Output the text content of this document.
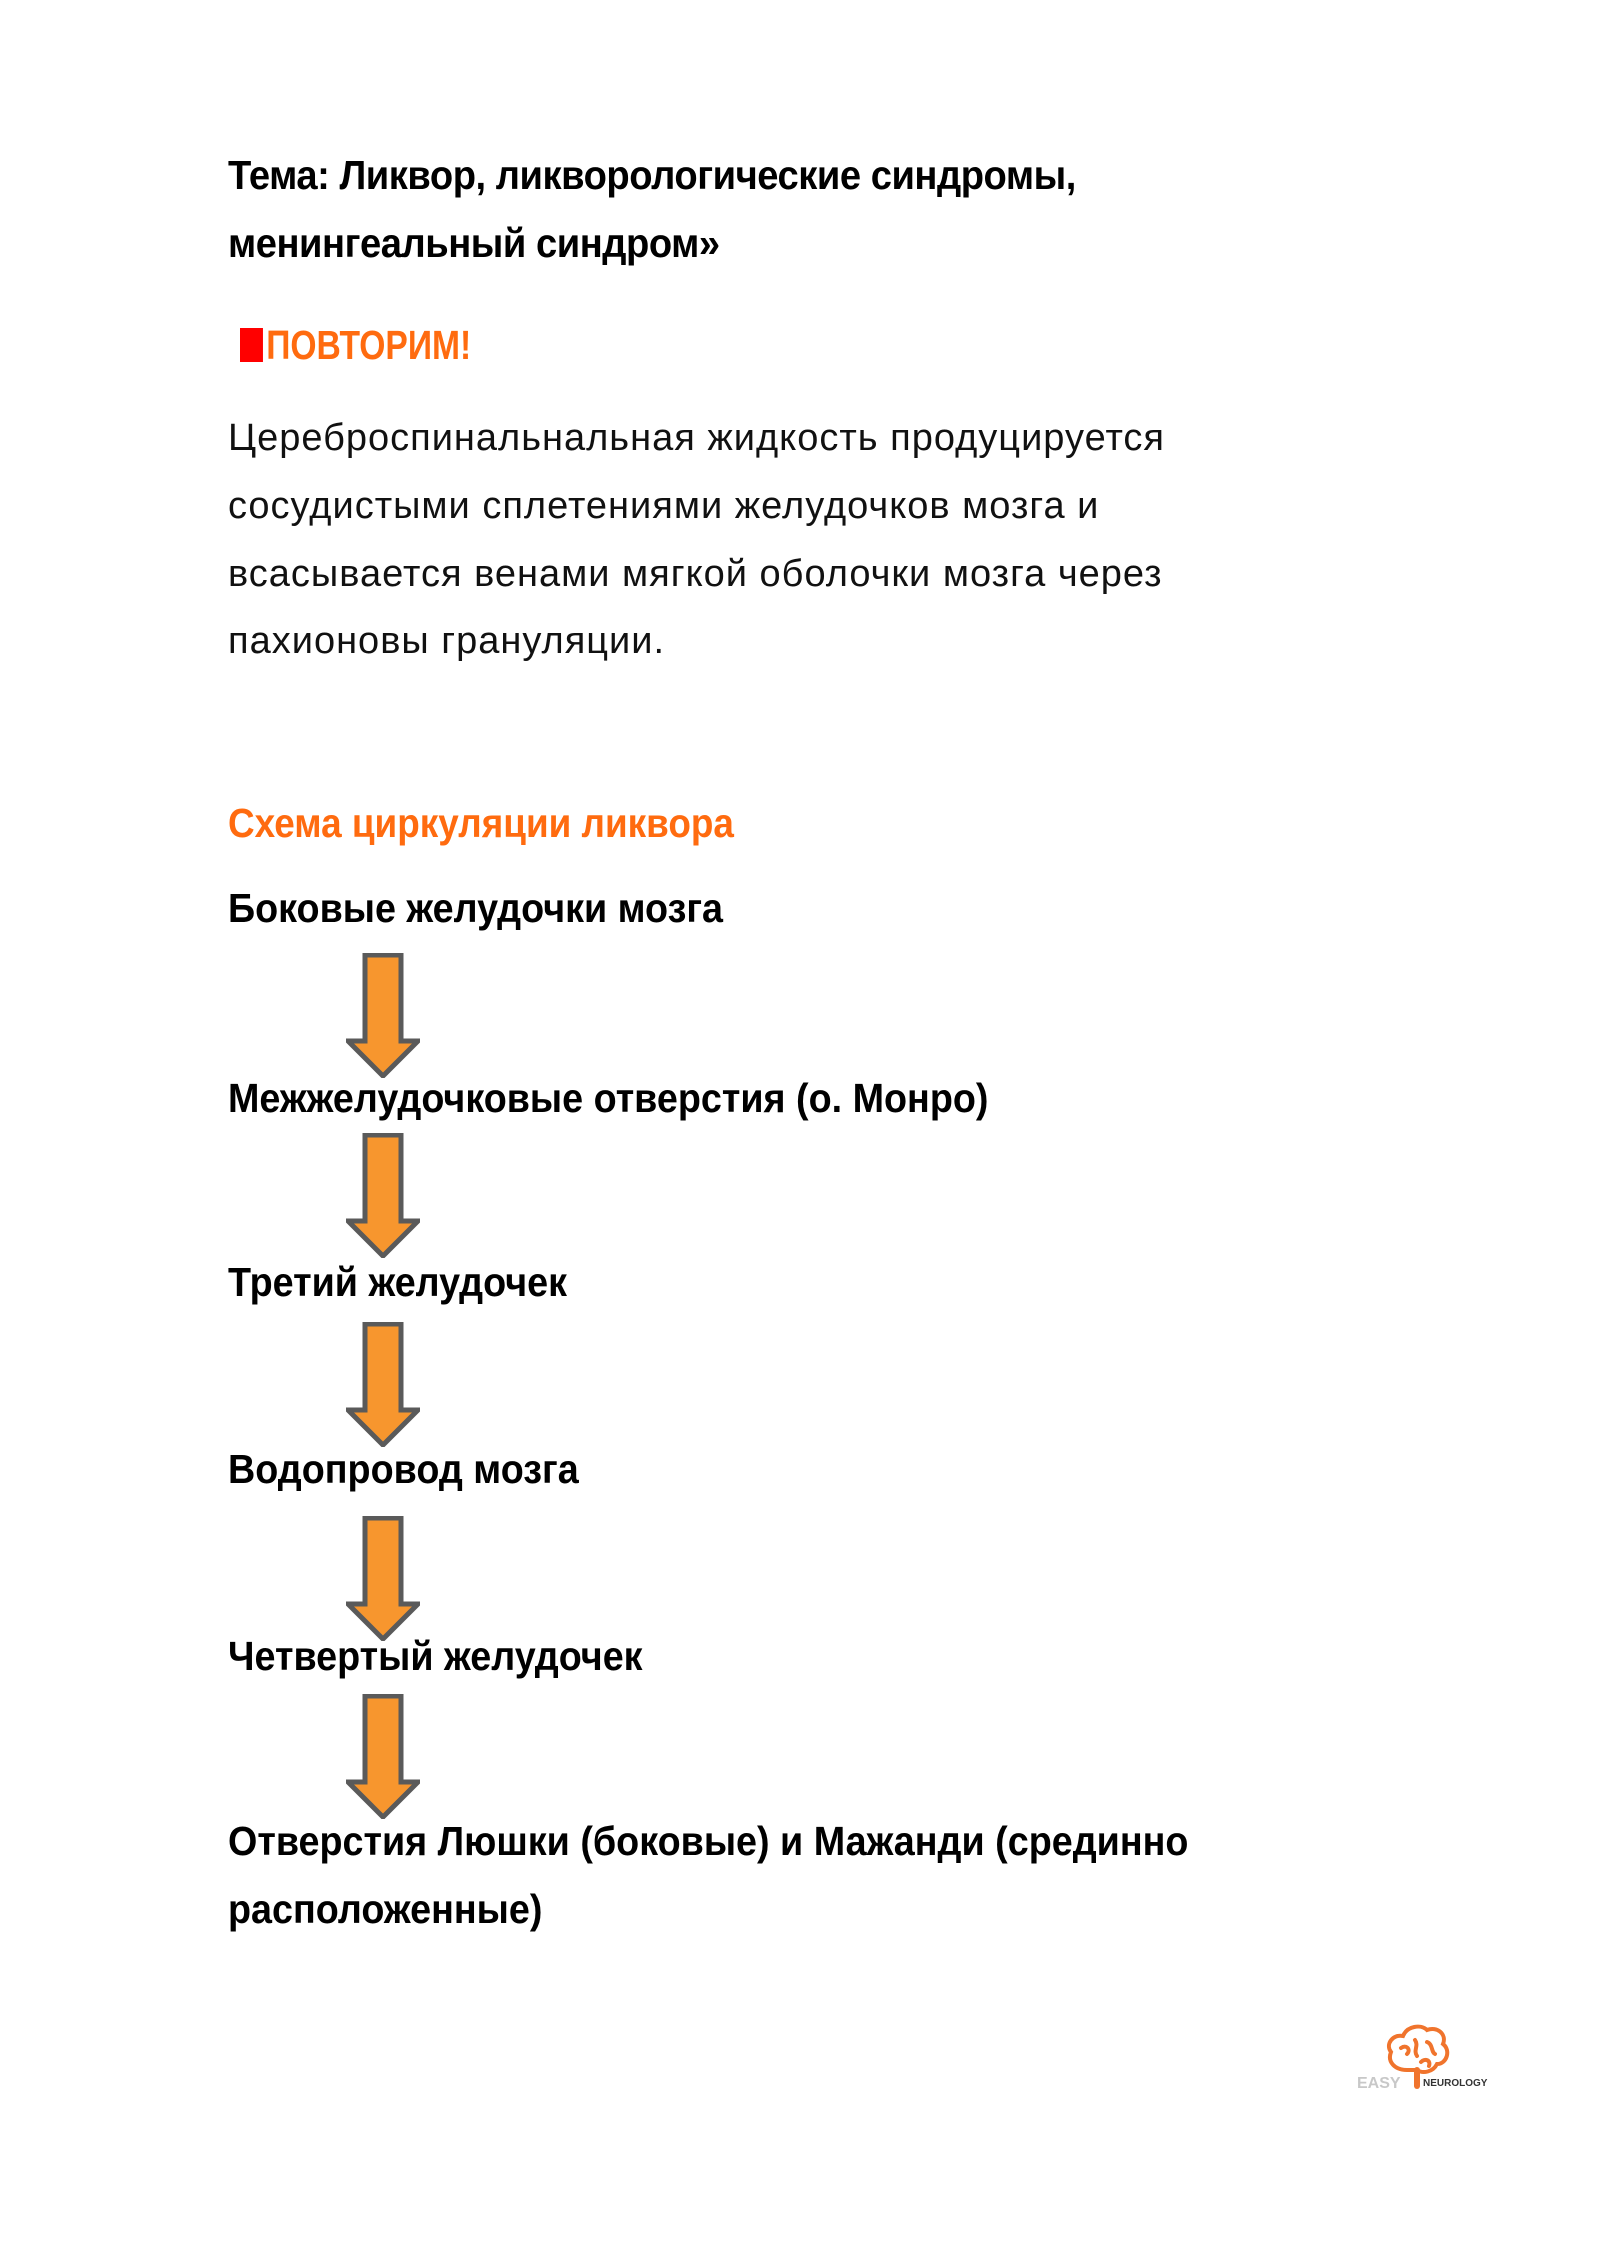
Тема: Ликвор, ликворологические синдромы,
менингеальный синдром»
ПОВТОРИМ!
Цереброспинальнальная жидкость продуцируется
сосудистыми сплетениями желудочков мозга и
всасывается венами мягкой оболочки мозга через
пахионовы грануляции.
Схема циркуляции ликвора
Боковые желудочки мозга
Межжелудочковые отверстия (о. Монро)
Третий желудочек
Водопровод мозга
Четвертый желудочек
Отверстия Люшки (боковые) и Мажанди (срединно
расположенные)
EASY NEUROLOGY
